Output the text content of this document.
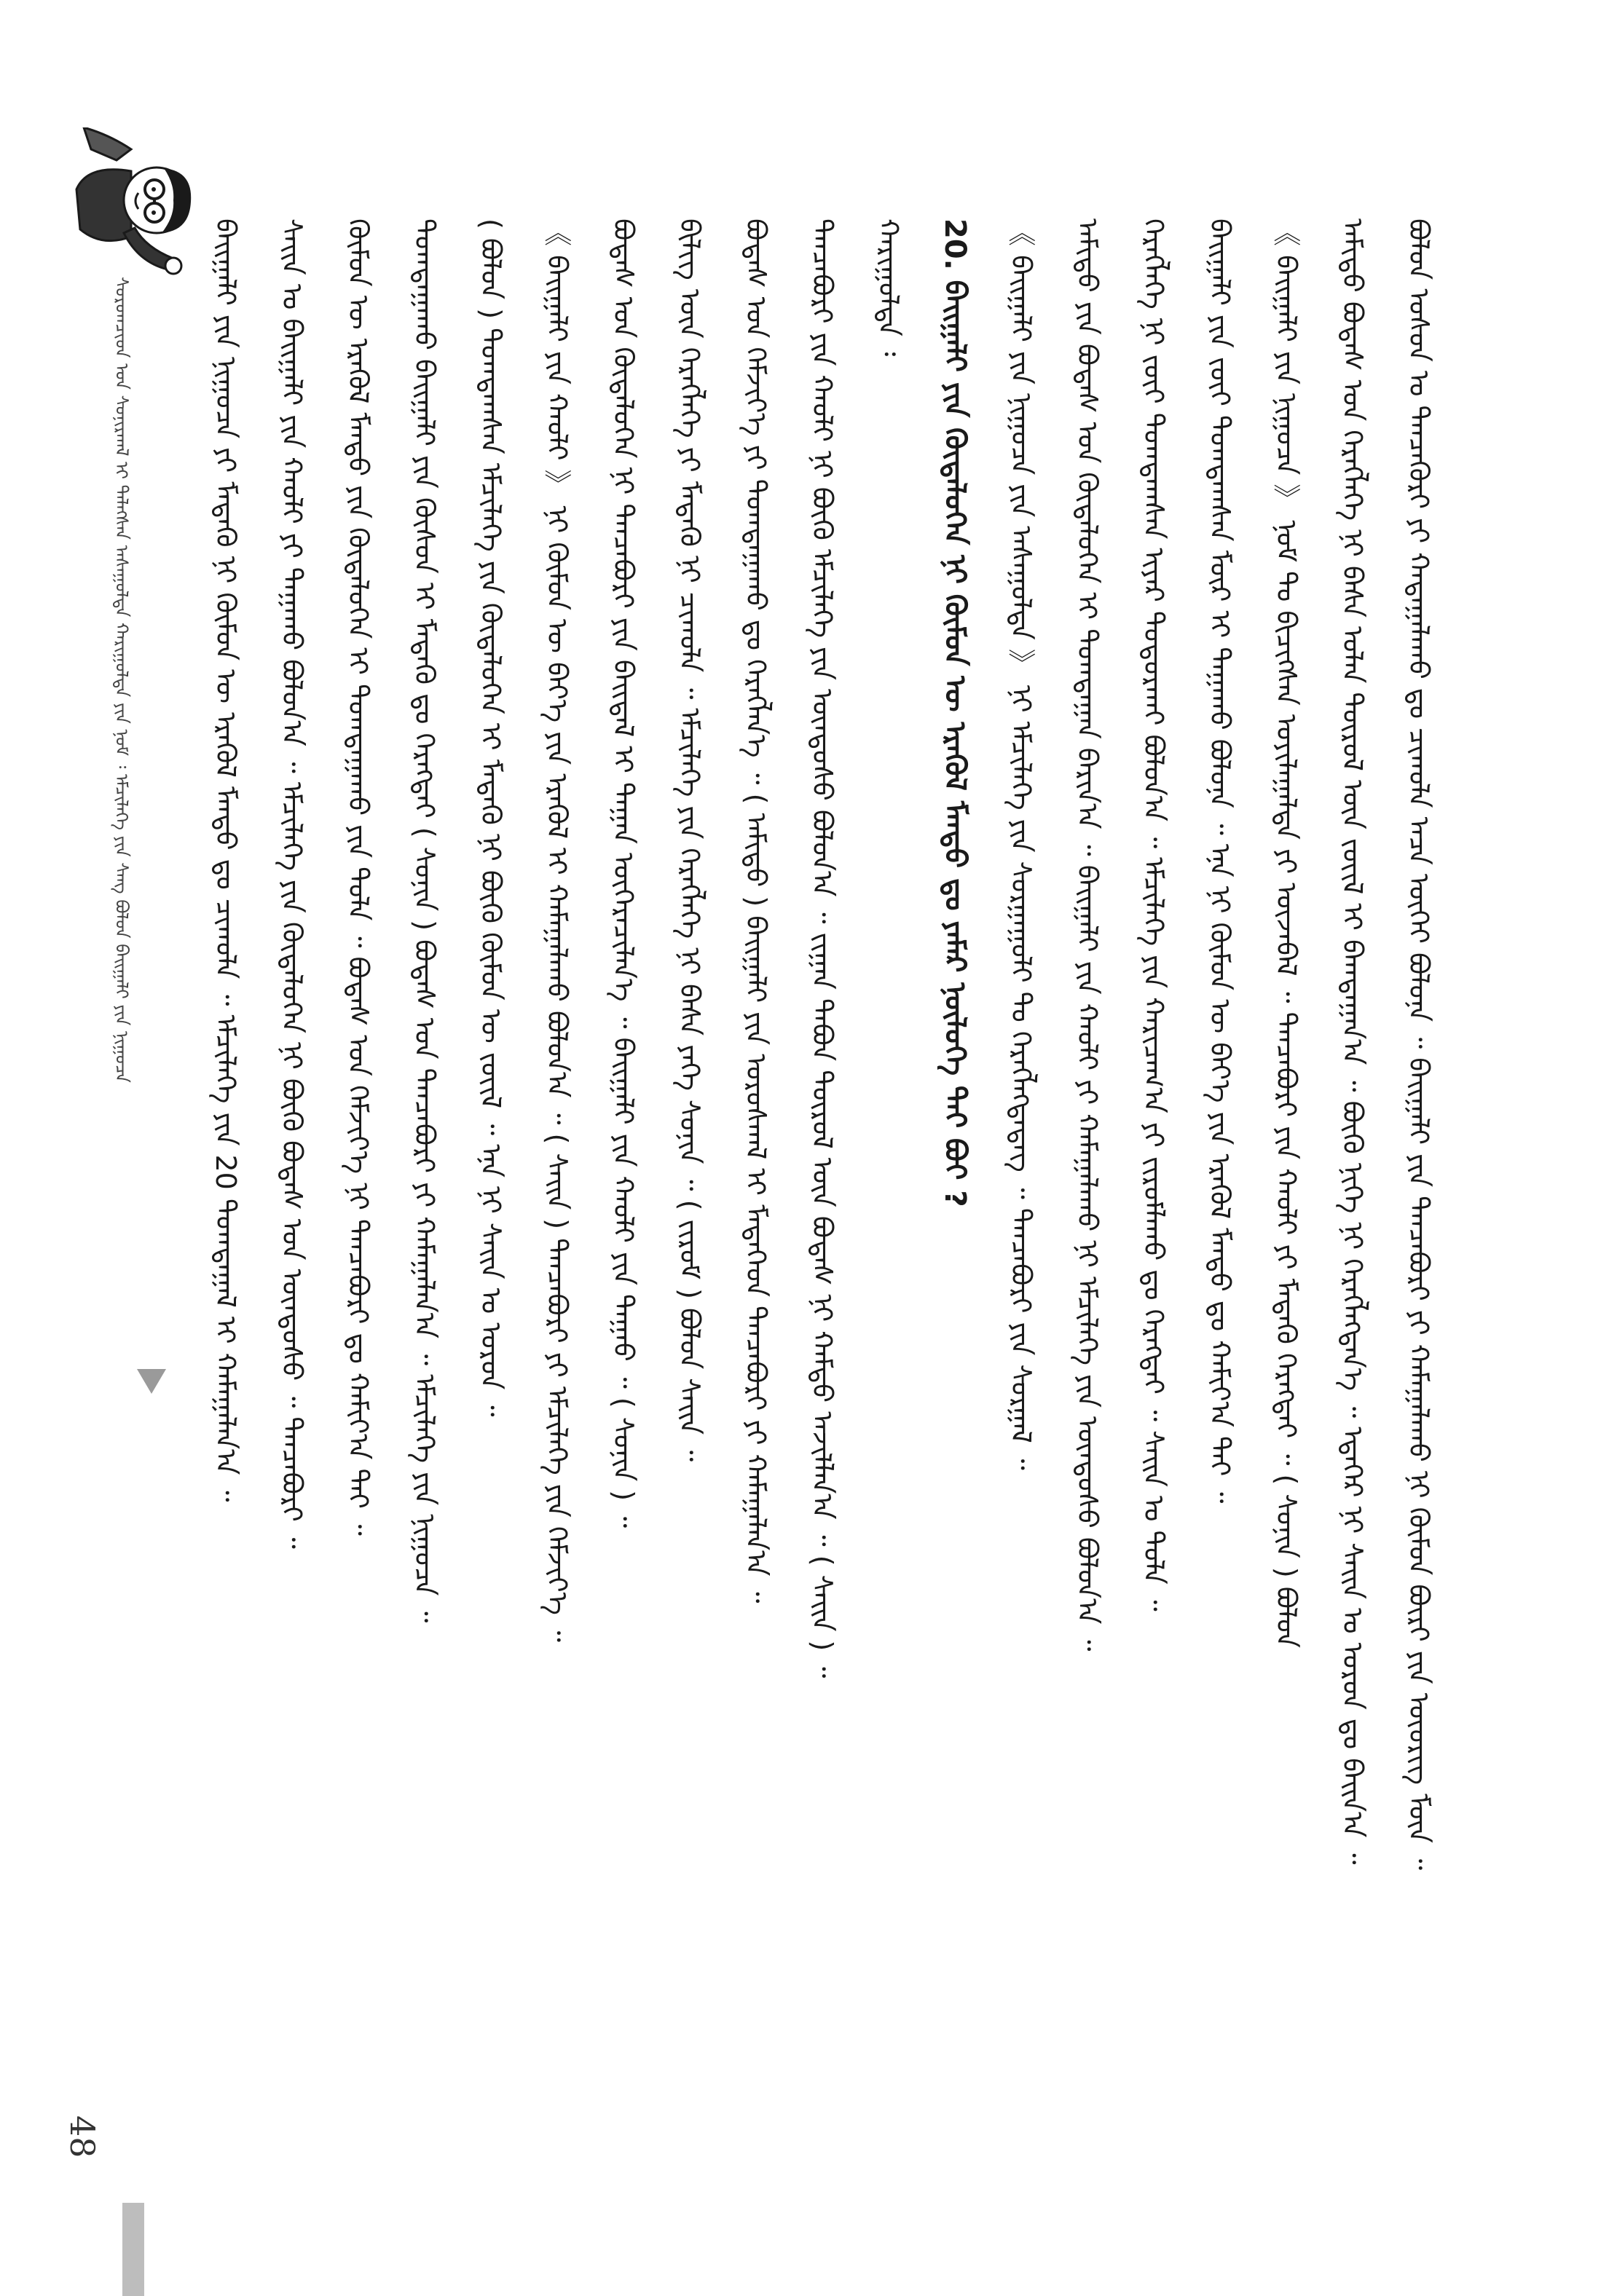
ᠰᠤᠷᠤᠭᠴᠢᠳ ᠤᠨ ᠰᠣᠨᠢᠷᠬᠠᠯ ᠢ ᠲᠡᠯᠡᠭᠰᠡᠨ ᠠᠰᠠᠭᠤᠯᠲᠠ ᠬᠠᠷᠢᠭᠤᠯᠲᠠ ᠶᠢᠨ ᠨᠣᠮ ᠄ ᠡᠮᠴᠢᠯᠡᠭᠡ ᠶᠢᠨ ᠰᠠᠩ ᠪᠣᠯᠤᠨ ᠪᠠᠢᠭᠠᠯᠢ ᠶᠢᠨ ᠨᠢᠭᠤᠴᠠ	ᠪᠣᠯᠤᠨ ᠤᠰᠤᠨ ᠤ ᠲᠡᠨᠴᠡᠭᠦᠷᠢ ᠶᠢ ᠬᠠᠳᠠᠭᠠᠯᠠᠬᠤ ᠳᠤ ᠴᠢᠬᠤᠯᠠ ᠠᠴᠠ ᠦᠭᠡᠢ ᠪᠣᠯᠤᠨᠠ ᠃ ᠪᠠᠢᠭᠠᠯᠢ ᠶᠢᠨ ᠲᠡᠨᠴᠡᠪᠦᠷᠢ ᠶᠢ ᠬᠠᠮᠠᠭᠠᠯᠠᠬᠤ ᠨᠢ ᠬᠦᠮᠦᠨ ᠪᠦᠷᠢ ᠶᠢᠨ ᠦᠦᠷᠢᠭ ᠮᠥᠨ ᠃
ᠠᠮᠢᠳᠤ ᠪᠣᠳᠠᠰ ᠤᠨ ᠬᠡᠷᠡᠭᠯᠡᠭᠡ ᠨᠢ ᠪᠠᠰᠠ ᠣᠯᠠᠨ ᠲᠦᠷᠦᠯ ᠦᠨ ᠵᠦᠢᠯ ᠢ ᠪᠠᠭᠲᠠᠭᠠᠨ᠎ᠠ ᠃ ᠪᠦᠬᠦ ᠨᠢᠭᠡ ᠨᠢ ᠬᠡᠷᠡᠭᠯᠡᠭᠳᠡᠨ᠎ᠡ ᠃ ᠡᠳᠡᠭᠡᠷ ᠨᠢ ᠰᠠᠢᠨ ᠤ ᠣᠷᠣᠨ ᠳᠤ ᠪᠠᠢᠨ᠎ᠠ ᠃
《 ᠪᠠᠢᠭᠠᠯᠢ ᠶᠢᠨ ᠨᠢᠭᠤᠴᠠ 》 ᠨᠣᠮ ᠲᠤ ᠪᠢᠴᠢᠭᠰᠡᠨ ᠣᠶᠢᠯᠠᠭᠠᠯᠲᠠ ᠶᠢ ᠦᠵᠡᠪᠡᠯ ᠃ ᠲᠡᠨᠴᠡᠪᠦᠷᠢ ᠶᠢᠨ ᠬᠠᠤᠯᠢ ᠶᠢ ᠮᠡᠳᠡᠬᠦ ᠬᠡᠷᠡᠭᠲᠡᠢ ᠃ ( ᠰᠣᠨᠢᠨ ) ᠪᠣᠯᠤᠨ
ᠪᠠᠢᠭᠠᠯᠢ ᠶᠢᠨ ᠵᠦᠢ ᠲᠣᠭᠲᠠᠭᠰᠠᠨ ᠮᠥᠷ ᠢ ᠳᠠᠭᠠᠬᠤ ᠪᠣᠯᠤᠨᠠ ᠃ ᠡᠨᠡ ᠨᠢ ᠬᠦᠮᠦᠨ ᠦ ᠪᠡᠶ᠎ᠡ ᠶᠢᠨ ᠡᠷᠡᠭᠦᠯ ᠮᠡᠨᠳᠦ ᠳᠤ ᠬᠠᠮᠢᠶ᠎ᠠ ᠲᠠᠢ ᠃
ᠬᠡᠷᠡᠭᠯᠡᠭᠡ ᠨᠢ ᠵᠦᠢ ᠲᠣᠭᠲᠠᠭᠰᠠᠨ ᠢᠶᠡᠷ ᠲᠣᠳᠣᠷᠬᠠᠢ ᠪᠣᠯᠤᠨ᠎ᠠ ᠃ ᠡᠮᠴᠢᠯᠡᠭᠡ ᠶᠢᠨ ᠬᠠᠷᠢᠴᠠᠭ᠎ᠠ ᠶᠢ ᠵᠢᠷᠤᠮᠯᠠᠬᠤ ᠳᠤ ᠬᠡᠷᠡᠭᠲᠡᠢ ᠃ ᠰᠠᠢᠨ ᠤ ᠲᠤᠯᠠ ᠃
ᠠᠮᠢᠳᠤ ᠶᠢᠨ ᠪᠣᠳᠠᠰ ᠤᠨ ᠬᠦᠳᠡᠯᠦᠭᠡᠨ ᠢ ᠲᠣᠭᠲᠠᠭᠠᠨ ᠪᠠᠷᠢᠨ᠎ᠠ ᠃ ᠪᠠᠢᠭᠠᠯᠢ ᠶᠢᠨ ᠬᠠᠤᠯᠢ ᠶᠢ ᠬᠠᠮᠠᠭᠠᠯᠠᠬᠤ ᠨᠢ ᠡᠮᠴᠢᠯᠡᠭᠡ ᠶᠢᠨ ᠦᠨᠳᠦᠰᠦ ᠪᠣᠯᠤᠨ᠎ᠠ ᠃
《 ᠪᠠᠢᠭᠠᠯᠢ ᠶᠢᠨ ᠨᠢᠭᠤᠴᠠ ᠶᠢᠨ ᠠᠰᠠᠭᠤᠯᠲᠠ 》 ᠨᠢ ᠡᠮᠴᠢᠯᠡᠭᠡ ᠶᠢᠨ ᠰᠤᠷᠭᠠᠭᠤᠯᠢ ᠲᠤ ᠬᠡᠷᠡᠭᠯᠡᠭᠳᠡᠳᠡᠭ ᠃ ᠲᠡᠨᠴᠡᠪᠦᠷᠢ ᠶᠢᠨ ᠰᠤᠷᠭᠠᠯ ᠃
20. ᠪᠠᠢᠭᠠᠯᠢ ᠶᠢᠨ ᠬᠦᠳᠡᠯᠦᠭᠡᠨ ᠨᠢ ᠬᠦᠮᠦᠨ ᠦ ᠡᠷᠡᠭᠦᠯ ᠮᠡᠨᠳᠦ ᠳᠤ ᠶᠠᠮᠠᠷ ᠨᠥᠯᠦᠭᠡ ᠲᠠᠢ ᠪᠤᠢ ?
ᠬᠠᠷᠢᠭᠤᠯᠲᠠ ᠄
ᠲᠡᠨᠴᠡᠪᠦᠷᠢ ᠶᠢᠨ ᠬᠠᠤᠯᠢ ᠨᠢ ᠪᠦᠬᠦ ᠡᠮᠴᠢᠯᠡᠭᠡ ᠶᠢᠨ ᠦᠨᠳᠦᠰᠦ ᠪᠣᠯᠤᠨ᠎ᠠ ᠃ ᠵᠢᠭᠠᠨ ᠲᠠᠪᠤᠨ ᠲᠦᠷᠦᠯ ᠦᠨ ᠪᠣᠳᠠᠰ ᠨᠢ ᠬᠠᠮᠲᠤ ᠠᠵᠢᠯᠯᠠᠨ᠎ᠠ ᠃ ( ᠰᠠᠢᠨ ) ᠃
ᠪᠣᠳᠠᠰ ᠤᠨ ᠬᠡᠮᠵᠢᠶ᠎ᠡ ᠶᠢ ᠲᠣᠭᠲᠠᠭᠠᠬᠤ ᠳᠤ ᠬᠡᠷᠡᠭᠯᠡᠨ᠎ᠡ ᠃ ( ᠠᠮᠢᠳᠤ ) ᠪᠠᠢᠭᠠᠯᠢ ᠶᠢᠨ ᠤᠷᠤᠰᠬᠠᠯ ᠢ ᠮᠡᠳᠡᠭᠡᠳ ᠲᠡᠨᠴᠡᠪᠦᠷᠢ ᠶᠢ ᠬᠠᠮᠠᠭᠠᠯᠠᠨ᠎ᠠ ᠃
ᠪᠢᠯᠢᠭ ᠦᠨ ᠬᠡᠷᠡᠭᠯᠡᠭᠡ ᠶᠢ ᠮᠡᠳᠡᠬᠦ ᠨᠢ ᠴᠢᠬᠤᠯᠠ ᠃ ᠡᠮᠴᠢᠯᠡᠭᠡ ᠶᠢᠨ ᠬᠡᠷᠡᠭᠯᠡᠭᠡ ᠨᠢ ᠪᠠᠰᠠ ᠶᠡᠬᠡ ᠰᠣᠨᠢᠨ ᠃ ( ᠵᠢᠷᠤᠮ ) ᠪᠣᠯᠤᠨ ᠰᠠᠢᠨ ᠃
ᠪᠣᠳᠠᠰ ᠤᠨ ᠬᠦᠳᠡᠯᠦᠭᠡᠨ ᠨᠢ ᠲᠡᠨᠴᠡᠪᠦᠷᠢ ᠶᠢᠨ ᠪᠠᠢᠳᠠᠯ ᠢ ᠳᠠᠭᠠᠨ ᠥᠭᠡᠷᠡᠴᠢᠯᠡᠨ᠎ᠡ ᠃ ᠪᠠᠢᠭᠠᠯᠢ ᠶᠢᠨ ᠬᠠᠤᠯᠢ ᠶᠢᠨ ᠳᠠᠭᠠᠤ ᠃ ( ᠰᠣᠨᠢᠨ ) ᠃
《 ᠪᠠᠢᠭᠠᠯᠢ ᠶᠢᠨ ᠬᠠᠤᠯᠢ 》 ᠨᠢ ᠬᠦᠮᠦᠨ ᠦ ᠪᠡᠶ᠎ᠡ ᠶᠢᠨ ᠡᠷᠡᠭᠦᠯ ᠢ ᠬᠠᠮᠠᠭᠠᠯᠠᠬᠤ ᠪᠣᠯᠤᠨ᠎ᠠ ᠃ ( ᠰᠠᠢᠨ ) ᠲᠡᠨᠴᠡᠪᠦᠷᠢ ᠶᠢ ᠡᠮᠴᠢᠯᠡᠭᠡ ᠶᠢᠨ ᠬᠡᠮᠵᠢᠶ᠎ᠡ ᠃
( ᠪᠣᠯᠤᠨ ) ᠲᠣᠭᠲᠠᠭᠰᠠᠨ ᠡᠮᠴᠢᠯᠡᠭᠡ ᠶᠢᠨ ᠬᠦᠳᠡᠯᠦᠭᠡᠨ ᠢ ᠮᠡᠳᠡᠬᠦ ᠨᠢ ᠪᠦᠬᠦ ᠬᠦᠮᠦᠨ ᠦ ᠵᠦᠢᠯ ᠃ ᠡᠨᠡ ᠨᠢ ᠰᠠᠢᠨ ᠤ ᠣᠷᠣᠨ ᠃
ᠲᠣᠭᠲᠠᠭᠠᠬᠤ ᠪᠠᠢᠭᠠᠯᠢ ᠶᠢᠨ ᠬᠦᠰᠦᠨ ᠢ ᠮᠡᠳᠡᠬᠦ ᠳᠤ ᠬᠡᠷᠡᠭᠲᠡᠢ ( ᠰᠣᠨᠢᠨ ) ᠪᠣᠳᠠᠰ ᠤᠨ ᠲᠡᠨᠴᠡᠪᠦᠷᠢ ᠶᠢ ᠬᠠᠮᠠᠭᠠᠯᠠᠨ᠎ᠠ ᠃ ᠡᠮᠴᠢᠯᠡᠭᠡ ᠶᠢᠨ ᠨᠢᠭᠤᠴᠠ ᠃
ᠬᠦᠮᠦᠨ ᠦ ᠡᠷᠡᠭᠦᠯ ᠮᠡᠨᠳᠦ ᠶᠢᠨ ᠬᠦᠳᠡᠯᠦᠭᠡᠨ ᠢ ᠲᠣᠭᠲᠠᠭᠠᠬᠤ ᠶᠢᠨ ᠲᠤᠯᠠ ᠃ ᠪᠣᠳᠠᠰ ᠤᠨ ᠬᠡᠮᠵᠢᠶ᠎ᠡ ᠨᠢ ᠲᠡᠨᠴᠡᠪᠦᠷᠢ ᠳᠤ ᠬᠠᠮᠢᠶ᠎ᠠ ᠲᠠᠢ ᠃
ᠰᠠᠢᠨ ᠤ ᠪᠠᠢᠭᠠᠯᠢ ᠶᠢᠨ ᠬᠠᠤᠯᠢ ᠶᠢ ᠳᠠᠭᠠᠬᠤ ᠪᠣᠯᠤᠨ᠎ᠠ ᠃ ᠡᠮᠴᠢᠯᠡᠭᠡ ᠶᠢᠨ ᠬᠦᠳᠡᠯᠦᠭᠡᠨ ᠨᠢ ᠪᠦᠬᠦ ᠪᠣᠳᠠᠰ ᠤᠨ ᠦᠨᠳᠦᠰᠦ ᠃ ᠲᠡᠨᠴᠡᠪᠦᠷᠢ ᠃
ᠪᠠᠢᠭᠠᠯᠢ ᠶᠢᠨ ᠨᠢᠭᠤᠴᠠ ᠶᠢ ᠮᠡᠳᠡᠬᠦ ᠨᠢ ᠬᠦᠮᠦᠨ ᠦ ᠡᠷᠡᠭᠦᠯ ᠮᠡᠨᠳᠦ ᠳᠤ ᠴᠢᠬᠤᠯᠠ ᠃ ᠡᠮᠴᠢᠯᠡᠭᠡ ᠶᠢᠨ 20 ᠲᠣᠭᠲᠠᠭᠠᠯ ᠢ ᠬᠠᠮᠠᠭᠠᠯᠠᠨ᠎ᠠ ᠃
48
